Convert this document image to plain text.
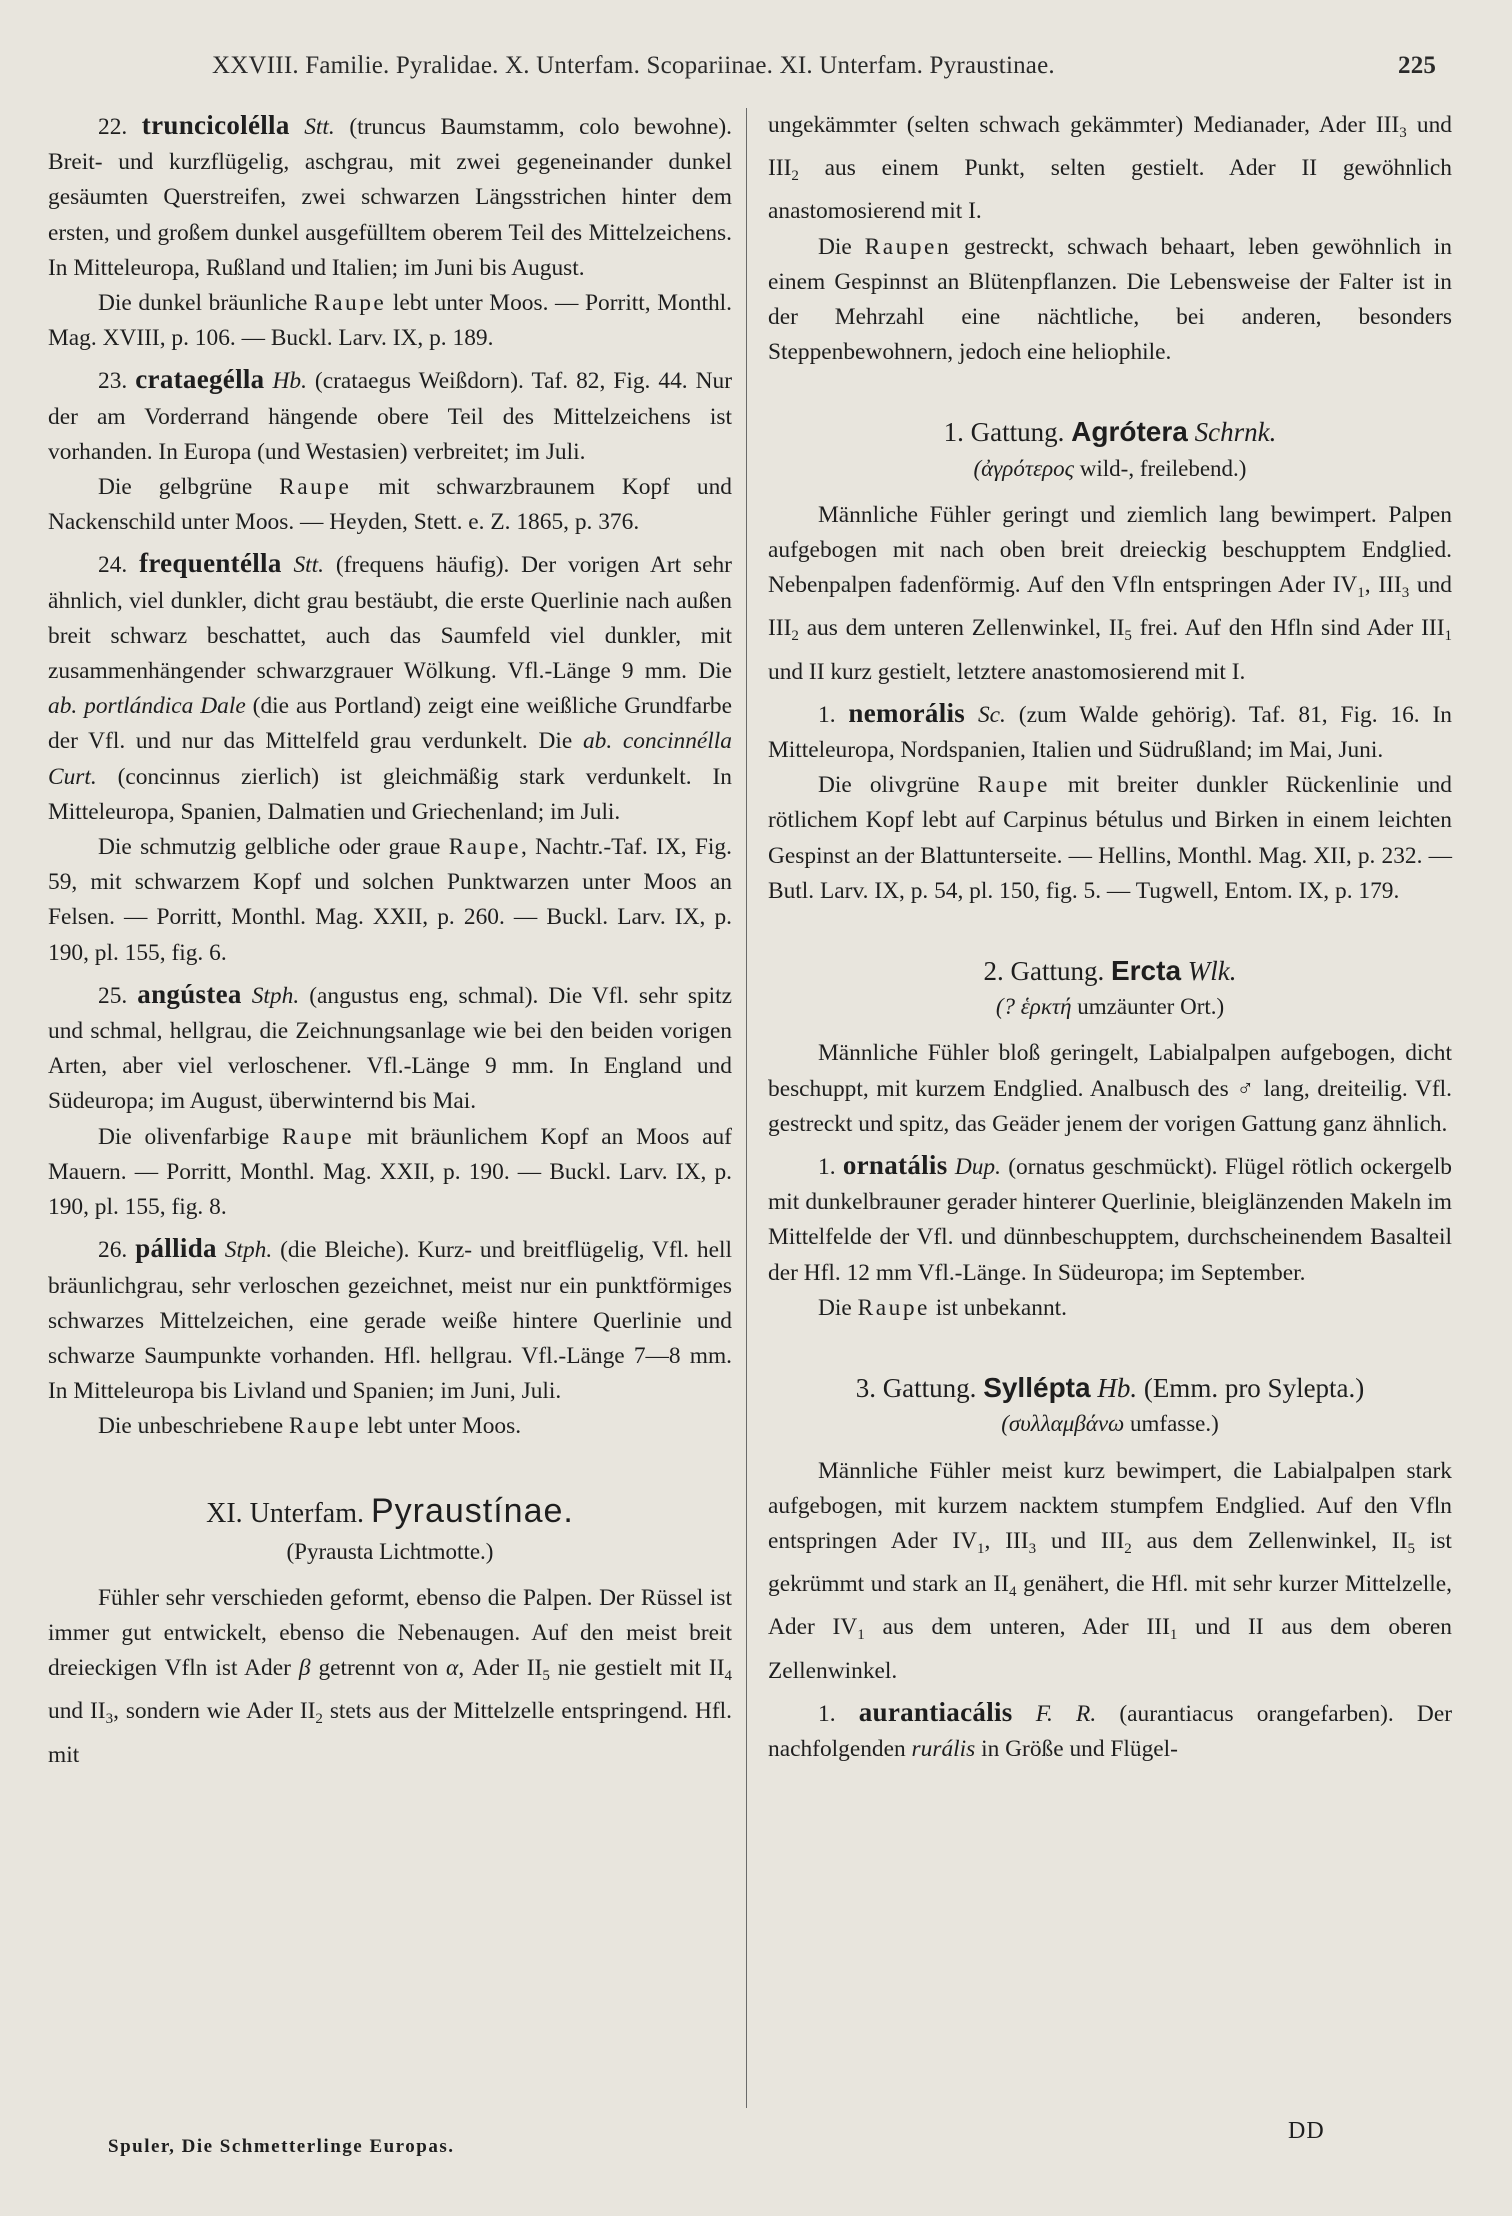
XXVIII. Familie. Pyralidae. X. Unterfam. Scopariinae. XI. Unterfam. Pyraustinae.	225

22. truncicolélla Stt. (truncus Baumstamm, colo bewohne). Breit- und kurzflügelig, aschgrau, mit zwei gegeneinander dunkel gesäumten Querstreifen, zwei schwarzen Längsstrichen hinter dem ersten, und großem dunkel ausgefülltem oberem Teil des Mittelzeichens. In Mitteleuropa, Rußland und Italien; im Juni bis August.

Die dunkel bräunliche Raupe lebt unter Moos. — Porritt, Monthl. Mag. XVIII, p. 106. — Buckl. Larv. IX, p. 189.

23. crataegélla Hb. (crataegus Weißdorn). Taf. 82, Fig. 44. Nur der am Vorderrand hängende obere Teil des Mittelzeichens ist vorhanden. In Europa (und Westasien) verbreitet; im Juli.

Die gelbgrüne Raupe mit schwarzbraunem Kopf und Nackenschild unter Moos. — Heyden, Stett. e. Z. 1865, p. 376.

24. frequentélla Stt. (frequens häufig). Der vorigen Art sehr ähnlich, viel dunkler, dicht grau bestäubt, die erste Querlinie nach außen breit schwarz beschattet, auch das Saumfeld viel dunkler, mit zusammenhängender schwarzgrauer Wölkung. Vfl.-Länge 9 mm. Die ab. portlándica Dale (die aus Portland) zeigt eine weißliche Grundfarbe der Vfl. und nur das Mittelfeld grau verdunkelt. Die ab. concinnélla Curt. (concinnus zierlich) ist gleichmäßig stark verdunkelt. In Mitteleuropa, Spanien, Dalmatien und Griechenland; im Juli.

Die schmutzig gelbliche oder graue Raupe, Nachtr.-Taf. IX, Fig. 59, mit schwarzem Kopf und solchen Punktwarzen unter Moos an Felsen. — Porritt, Monthl. Mag. XXII, p. 260. — Buckl. Larv. IX, p. 190, pl. 155, fig. 6.

25. angústea Stph. (angustus eng, schmal). Die Vfl. sehr spitz und schmal, hellgrau, die Zeichnungsanlage wie bei den beiden vorigen Arten, aber viel verloschener. Vfl.-Länge 9 mm. In England und Südeuropa; im August, überwinternd bis Mai.

Die olivenfarbige Raupe mit bräunlichem Kopf an Moos auf Mauern. — Porritt, Monthl. Mag. XXII, p. 190. — Buckl. Larv. IX, p. 190, pl. 155, fig. 8.

26. pállida Stph. (die Bleiche). Kurz- und breitflügelig, Vfl. hell bräunlichgrau, sehr verloschen gezeichnet, meist nur ein punktförmiges schwarzes Mittelzeichen, eine gerade weiße hintere Querlinie und schwarze Saumpunkte vorhanden. Hfl. hellgrau. Vfl.-Länge 7—8 mm. In Mitteleuropa bis Livland und Spanien; im Juni, Juli.

Die unbeschriebene Raupe lebt unter Moos.

XI. Unterfam. Pyraustínae.

(Pyrausta Lichtmotte.)

Fühler sehr verschieden geformt, ebenso die Palpen. Der Rüssel ist immer gut entwickelt, ebenso die Nebenaugen. Auf den meist breit dreieckigen Vfln ist Ader β getrennt von α, Ader $II_5$ nie gestielt mit $II_4$ und $II_3$, sondern wie Ader $II_2$ stets aus der Mittelzelle entspringend. Hfl. mit

ungekämmter (selten schwach gekämmter) Medianader, Ader $III_3$ und $III_2$ aus einem Punkt, selten gestielt. Ader II gewöhnlich anastomosierend mit I.

Die Raupen gestreckt, schwach behaart, leben gewöhnlich in einem Gespinnst an Blütenpflanzen. Die Lebensweise der Falter ist in der Mehrzahl eine nächtliche, bei anderen, besonders Steppenbewohnern, jedoch eine heliophile.

1. Gattung. Agrótera Schrnk.

(ἀγρότερος wild-, freilebend.)

Männliche Fühler geringt und ziemlich lang bewimpert. Palpen aufgebogen mit nach oben breit dreieckig beschupptem Endglied. Nebenpalpen fadenförmig. Auf den Vfln entspringen Ader $IV_1$, $III_3$ und $III_2$ aus dem unteren Zellenwinkel, $II_5$ frei. Auf den Hfln sind Ader $III_1$ und II kurz gestielt, letztere anastomosierend mit I.

1. nemorális Sc. (zum Walde gehörig). Taf. 81, Fig. 16. In Mitteleuropa, Nordspanien, Italien und Südrußland; im Mai, Juni.

Die olivgrüne Raupe mit breiter dunkler Rückenlinie und rötlichem Kopf lebt auf Carpinus bétulus und Birken in einem leichten Gespinst an der Blattunterseite. — Hellins, Monthl. Mag. XII, p. 232. — Butl. Larv. IX, p. 54, pl. 150, fig. 5. — Tugwell, Entom. IX, p. 179.

2. Gattung. Ercta Wlk.

(? ἑρκτή umzäunter Ort.)

Männliche Fühler bloß geringelt, Labialpalpen aufgebogen, dicht beschuppt, mit kurzem Endglied. Analbusch des ♂ lang, dreiteilig. Vfl. gestreckt und spitz, das Geäder jenem der vorigen Gattung ganz ähnlich.

1. ornatális Dup. (ornatus geschmückt). Flügel rötlich ockergelb mit dunkelbrauner gerader hinterer Querlinie, bleiglänzenden Makeln im Mittelfelde der Vfl. und dünnbeschupptem, durchscheinendem Basalteil der Hfl. 12 mm Vfl.-Länge. In Südeuropa; im September.

Die Raupe ist unbekannt.

3. Gattung. Syllépta Hb. (Emm. pro Sylepta.)

(συλλαμβάνω umfasse.)

Männliche Fühler meist kurz bewimpert, die Labialpalpen stark aufgebogen, mit kurzem nacktem stumpfem Endglied. Auf den Vfln entspringen Ader $IV_1$, $III_3$ und $III_2$ aus dem Zellenwinkel, $II_5$ ist gekrümmt und stark an $II_4$ genähert, die Hfl. mit sehr kurzer Mittelzelle, Ader $IV_1$ aus dem unteren, Ader $III_1$ und II aus dem oberen Zellenwinkel.

1. aurantiacális F. R. (aurantiacus orangefarben). Der nachfolgenden rurális in Größe und Flügel-

Spuler, Die Schmetterlinge Europas.
DD
